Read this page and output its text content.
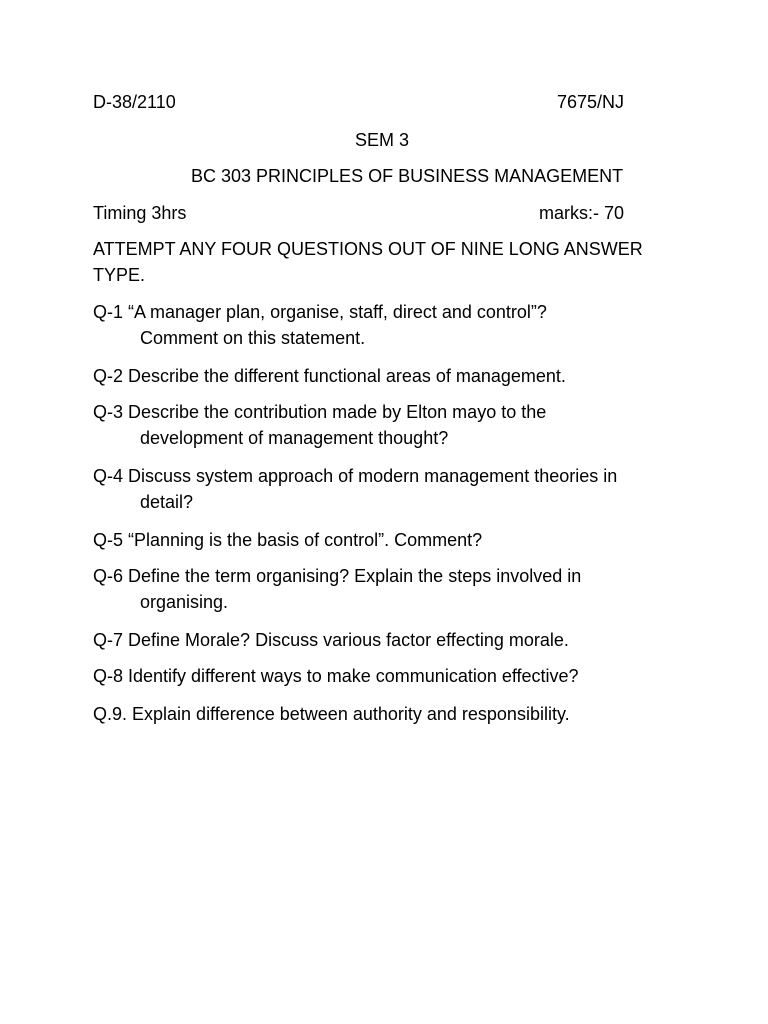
D-38/2110	7675/NJ
SEM 3
BC 303 PRINCIPLES OF BUSINESS MANAGEMENT
Timing 3hrs	marks:- 70
ATTEMPT ANY FOUR QUESTIONS OUT OF NINE LONG ANSWER
TYPE.
Q-1 “A manager plan, organise, staff, direct and control”?
Comment on this statement.
Q-2 Describe the different functional areas of management.
Q-3 Describe the contribution made by Elton mayo to the
development of management thought?
Q-4 Discuss system approach of modern management theories in
detail?
Q-5 “Planning is the basis of control”. Comment?
Q-6 Define the term organising? Explain the steps involved in
organising.
Q-7 Define Morale? Discuss various factor effecting morale.
Q-8 Identify different ways to make communication effective?
Q.9. Explain difference between authority and responsibility.
